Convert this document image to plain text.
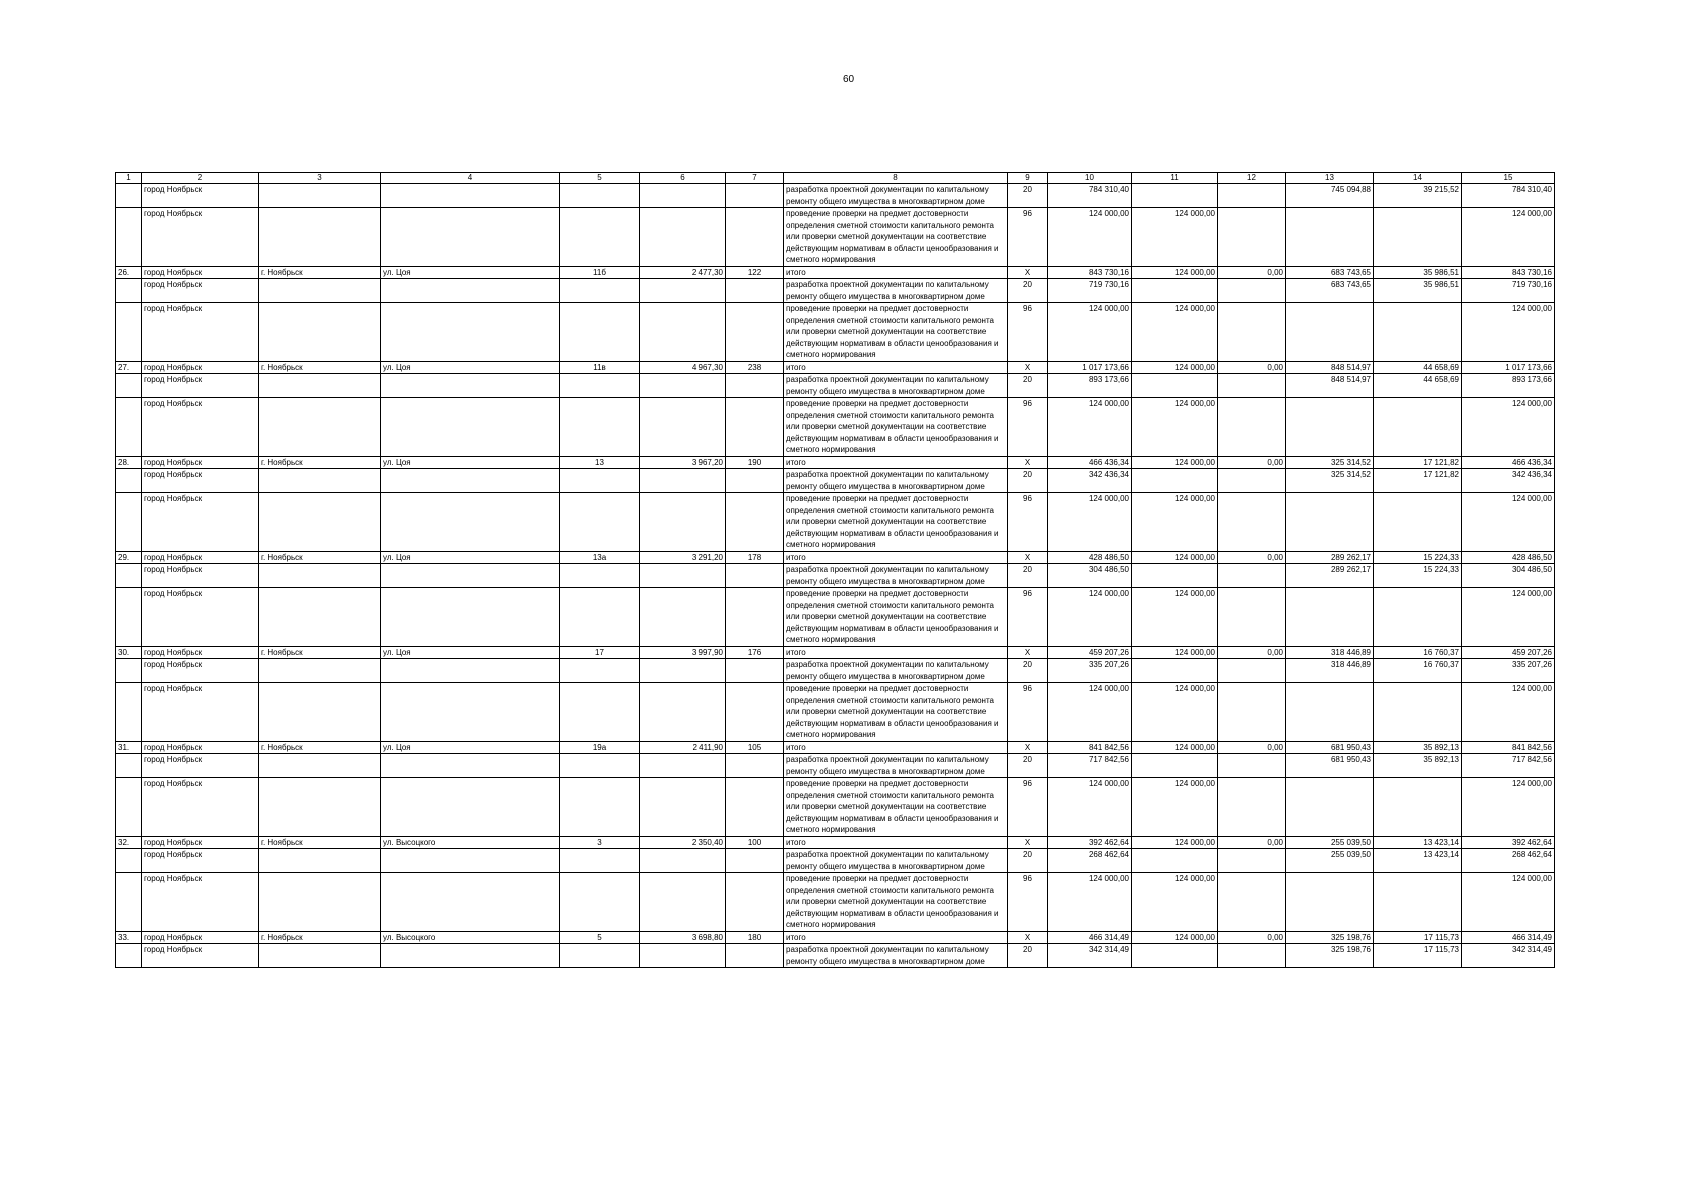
60
1	2	3	4	5	6	7	8	9	10	11	12	13	14	15
	город Ноябрьск						разработка проектной документации по капитальному ремонту общего имущества в многоквартирном доме	20	784 310,40			745 094,88	39 215,52	784 310,40
	город Ноябрьск						проведение проверки на предмет достоверности определения сметной стоимости капитального ремонта или проверки сметной документации на соответствие действующим нормативам в области ценообразования и сметного нормирования	96	124 000,00	124 000,00				124 000,00
26.	город Ноябрьск	г. Ноябрьск	ул. Цоя	11б	2 477,30	122	итого	X	843 730,16	124 000,00	0,00	683 743,65	35 986,51	843 730,16
	город Ноябрьск						разработка проектной документации по капитальному ремонту общего имущества в многоквартирном доме	20	719 730,16			683 743,65	35 986,51	719 730,16
	город Ноябрьск						проведение проверки на предмет достоверности определения сметной стоимости капитального ремонта или проверки сметной документации на соответствие действующим нормативам в области ценообразования и сметного нормирования	96	124 000,00	124 000,00				124 000,00
27.	город Ноябрьск	г. Ноябрьск	ул. Цоя	11в	4 967,30	238	итого	X	1 017 173,66	124 000,00	0,00	848 514,97	44 658,69	1 017 173,66
	город Ноябрьск						разработка проектной документации по капитальному ремонту общего имущества в многоквартирном доме	20	893 173,66			848 514,97	44 658,69	893 173,66
	город Ноябрьск						проведение проверки на предмет достоверности определения сметной стоимости капитального ремонта или проверки сметной документации на соответствие действующим нормативам в области ценообразования и сметного нормирования	96	124 000,00	124 000,00				124 000,00
28.	город Ноябрьск	г. Ноябрьск	ул. Цоя	13	3 967,20	190	итого	X	466 436,34	124 000,00	0,00	325 314,52	17 121,82	466 436,34
	город Ноябрьск						разработка проектной документации по капитальному ремонту общего имущества в многоквартирном доме	20	342 436,34			325 314,52	17 121,82	342 436,34
	город Ноябрьск						проведение проверки на предмет достоверности определения сметной стоимости капитального ремонта или проверки сметной документации на соответствие действующим нормативам в области ценообразования и сметного нормирования	96	124 000,00	124 000,00				124 000,00
29.	город Ноябрьск	г. Ноябрьск	ул. Цоя	13а	3 291,20	178	итого	X	428 486,50	124 000,00	0,00	289 262,17	15 224,33	428 486,50
	город Ноябрьск						разработка проектной документации по капитальному ремонту общего имущества в многоквартирном доме	20	304 486,50			289 262,17	15 224,33	304 486,50
	город Ноябрьск						проведение проверки на предмет достоверности определения сметной стоимости капитального ремонта или проверки сметной документации на соответствие действующим нормативам в области ценообразования и сметного нормирования	96	124 000,00	124 000,00				124 000,00
30.	город Ноябрьск	г. Ноябрьск	ул. Цоя	17	3 997,90	176	итого	X	459 207,26	124 000,00	0,00	318 446,89	16 760,37	459 207,26
	город Ноябрьск						разработка проектной документации по капитальному ремонту общего имущества в многоквартирном доме	20	335 207,26			318 446,89	16 760,37	335 207,26
	город Ноябрьск						проведение проверки на предмет достоверности определения сметной стоимости капитального ремонта или проверки сметной документации на соответствие действующим нормативам в области ценообразования и сметного нормирования	96	124 000,00	124 000,00				124 000,00
31.	город Ноябрьск	г. Ноябрьск	ул. Цоя	19а	2 411,90	105	итого	X	841 842,56	124 000,00	0,00	681 950,43	35 892,13	841 842,56
	город Ноябрьск						разработка проектной документации по капитальному ремонту общего имущества в многоквартирном доме	20	717 842,56			681 950,43	35 892,13	717 842,56
	город Ноябрьск						проведение проверки на предмет достоверности определения сметной стоимости капитального ремонта или проверки сметной документации на соответствие действующим нормативам в области ценообразования и сметного нормирования	96	124 000,00	124 000,00				124 000,00
32.	город Ноябрьск	г. Ноябрьск	ул. Высоцкого	3	2 350,40	100	итого	X	392 462,64	124 000,00	0,00	255 039,50	13 423,14	392 462,64
	город Ноябрьск						разработка проектной документации по капитальному ремонту общего имущества в многоквартирном доме	20	268 462,64			255 039,50	13 423,14	268 462,64
	город Ноябрьск						проведение проверки на предмет достоверности определения сметной стоимости капитального ремонта или проверки сметной документации на соответствие действующим нормативам в области ценообразования и сметного нормирования	96	124 000,00	124 000,00				124 000,00
33.	город Ноябрьск	г. Ноябрьск	ул. Высоцкого	5	3 698,80	180	итого	X	466 314,49	124 000,00	0,00	325 198,76	17 115,73	466 314,49
	город Ноябрьск						разработка проектной документации по капитальному ремонту общего имущества в многоквартирном доме	20	342 314,49			325 198,76	17 115,73	342 314,49
